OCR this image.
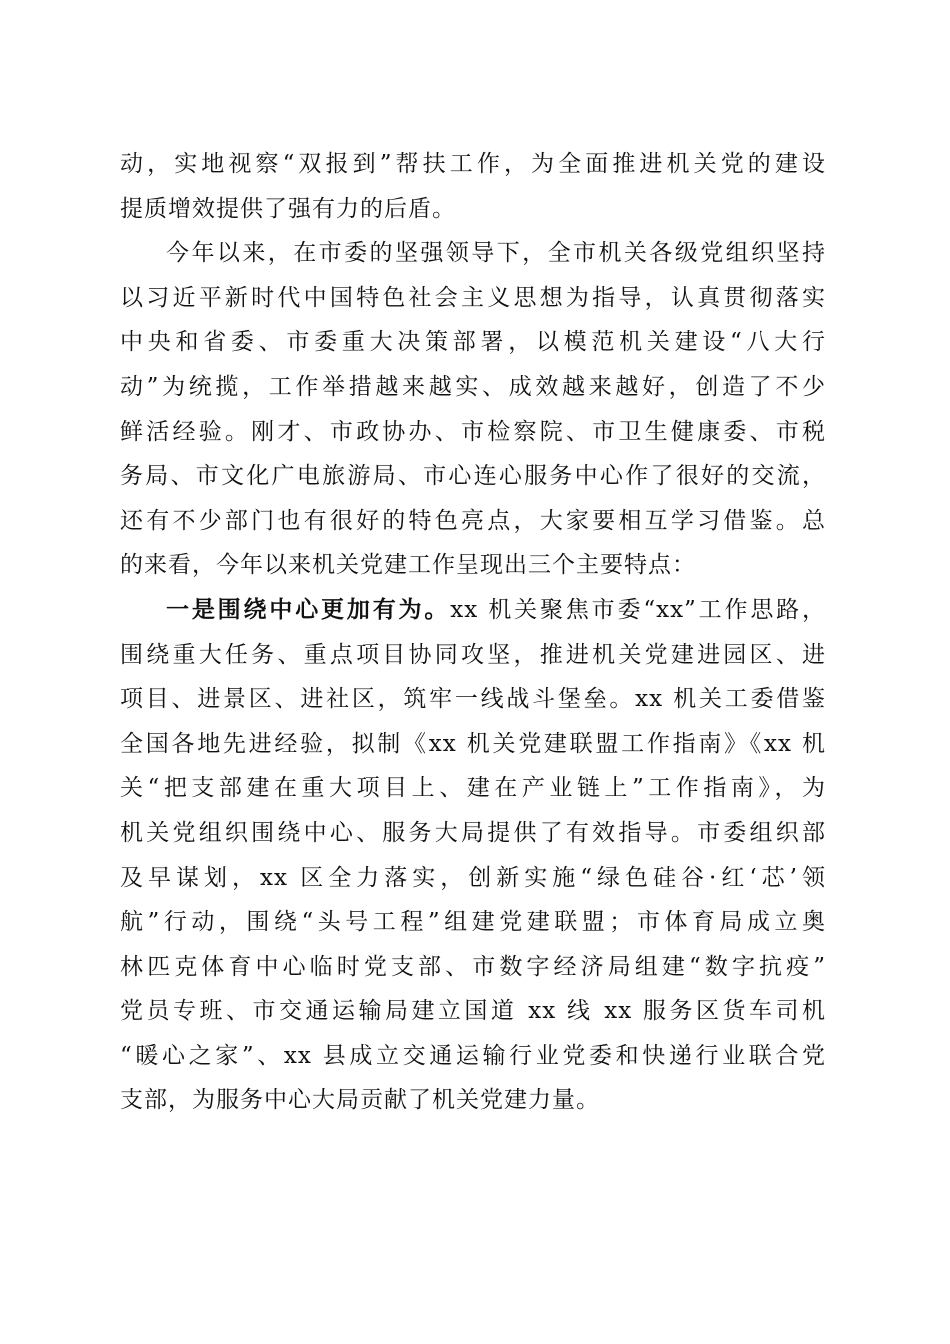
动，实地视察“双报到”帮扶工作，为全面推进机关党的建设
提质增效提供了强有力的后盾。
今年以来，在市委的坚强领导下，全市机关各级党组织坚持
以习近平新时代中国特色社会主义思想为指导，认真贯彻落实
中央和省委、市委重大决策部署，以模范机关建设“八大行
动”为统揽，工作举措越来越实、成效越来越好，创造了不少
鲜活经验。刚才、市政协办、市检察院、市卫生健康委、市税
务局、市文化广电旅游局、市心连心服务中心作了很好的交流，
还有不少部门也有很好的特色亮点，大家要相互学习借鉴。总
的来看，今年以来机关党建工作呈现出三个主要特点：
一是围绕中心更加有为。xx 机关聚焦市委“xx”工作思路，
围绕重大任务、重点项目协同攻坚，推进机关党建进园区、进
项目、进景区、进社区，筑牢一线战斗堡垒。xx 机关工委借鉴
全国各地先进经验，拟制《xx 机关党建联盟工作指南》《xx 机
关“把支部建在重大项目上、建在产业链上”工作指南》，为
机关党组织围绕中心、服务大局提供了有效指导。市委组织部
及早谋划，xx 区全力落实，创新实施“绿色硅谷·红‘芯’领
航”行动，围绕“头号工程”组建党建联盟；市体育局成立奥
林匹克体育中心临时党支部、市数字经济局组建“数字抗疫”
党员专班、市交通运输局建立国道 xx 线 xx 服务区货车司机
“暖心之家”、xx 县成立交通运输行业党委和快递行业联合党
支部，为服务中心大局贡献了机关党建力量。
